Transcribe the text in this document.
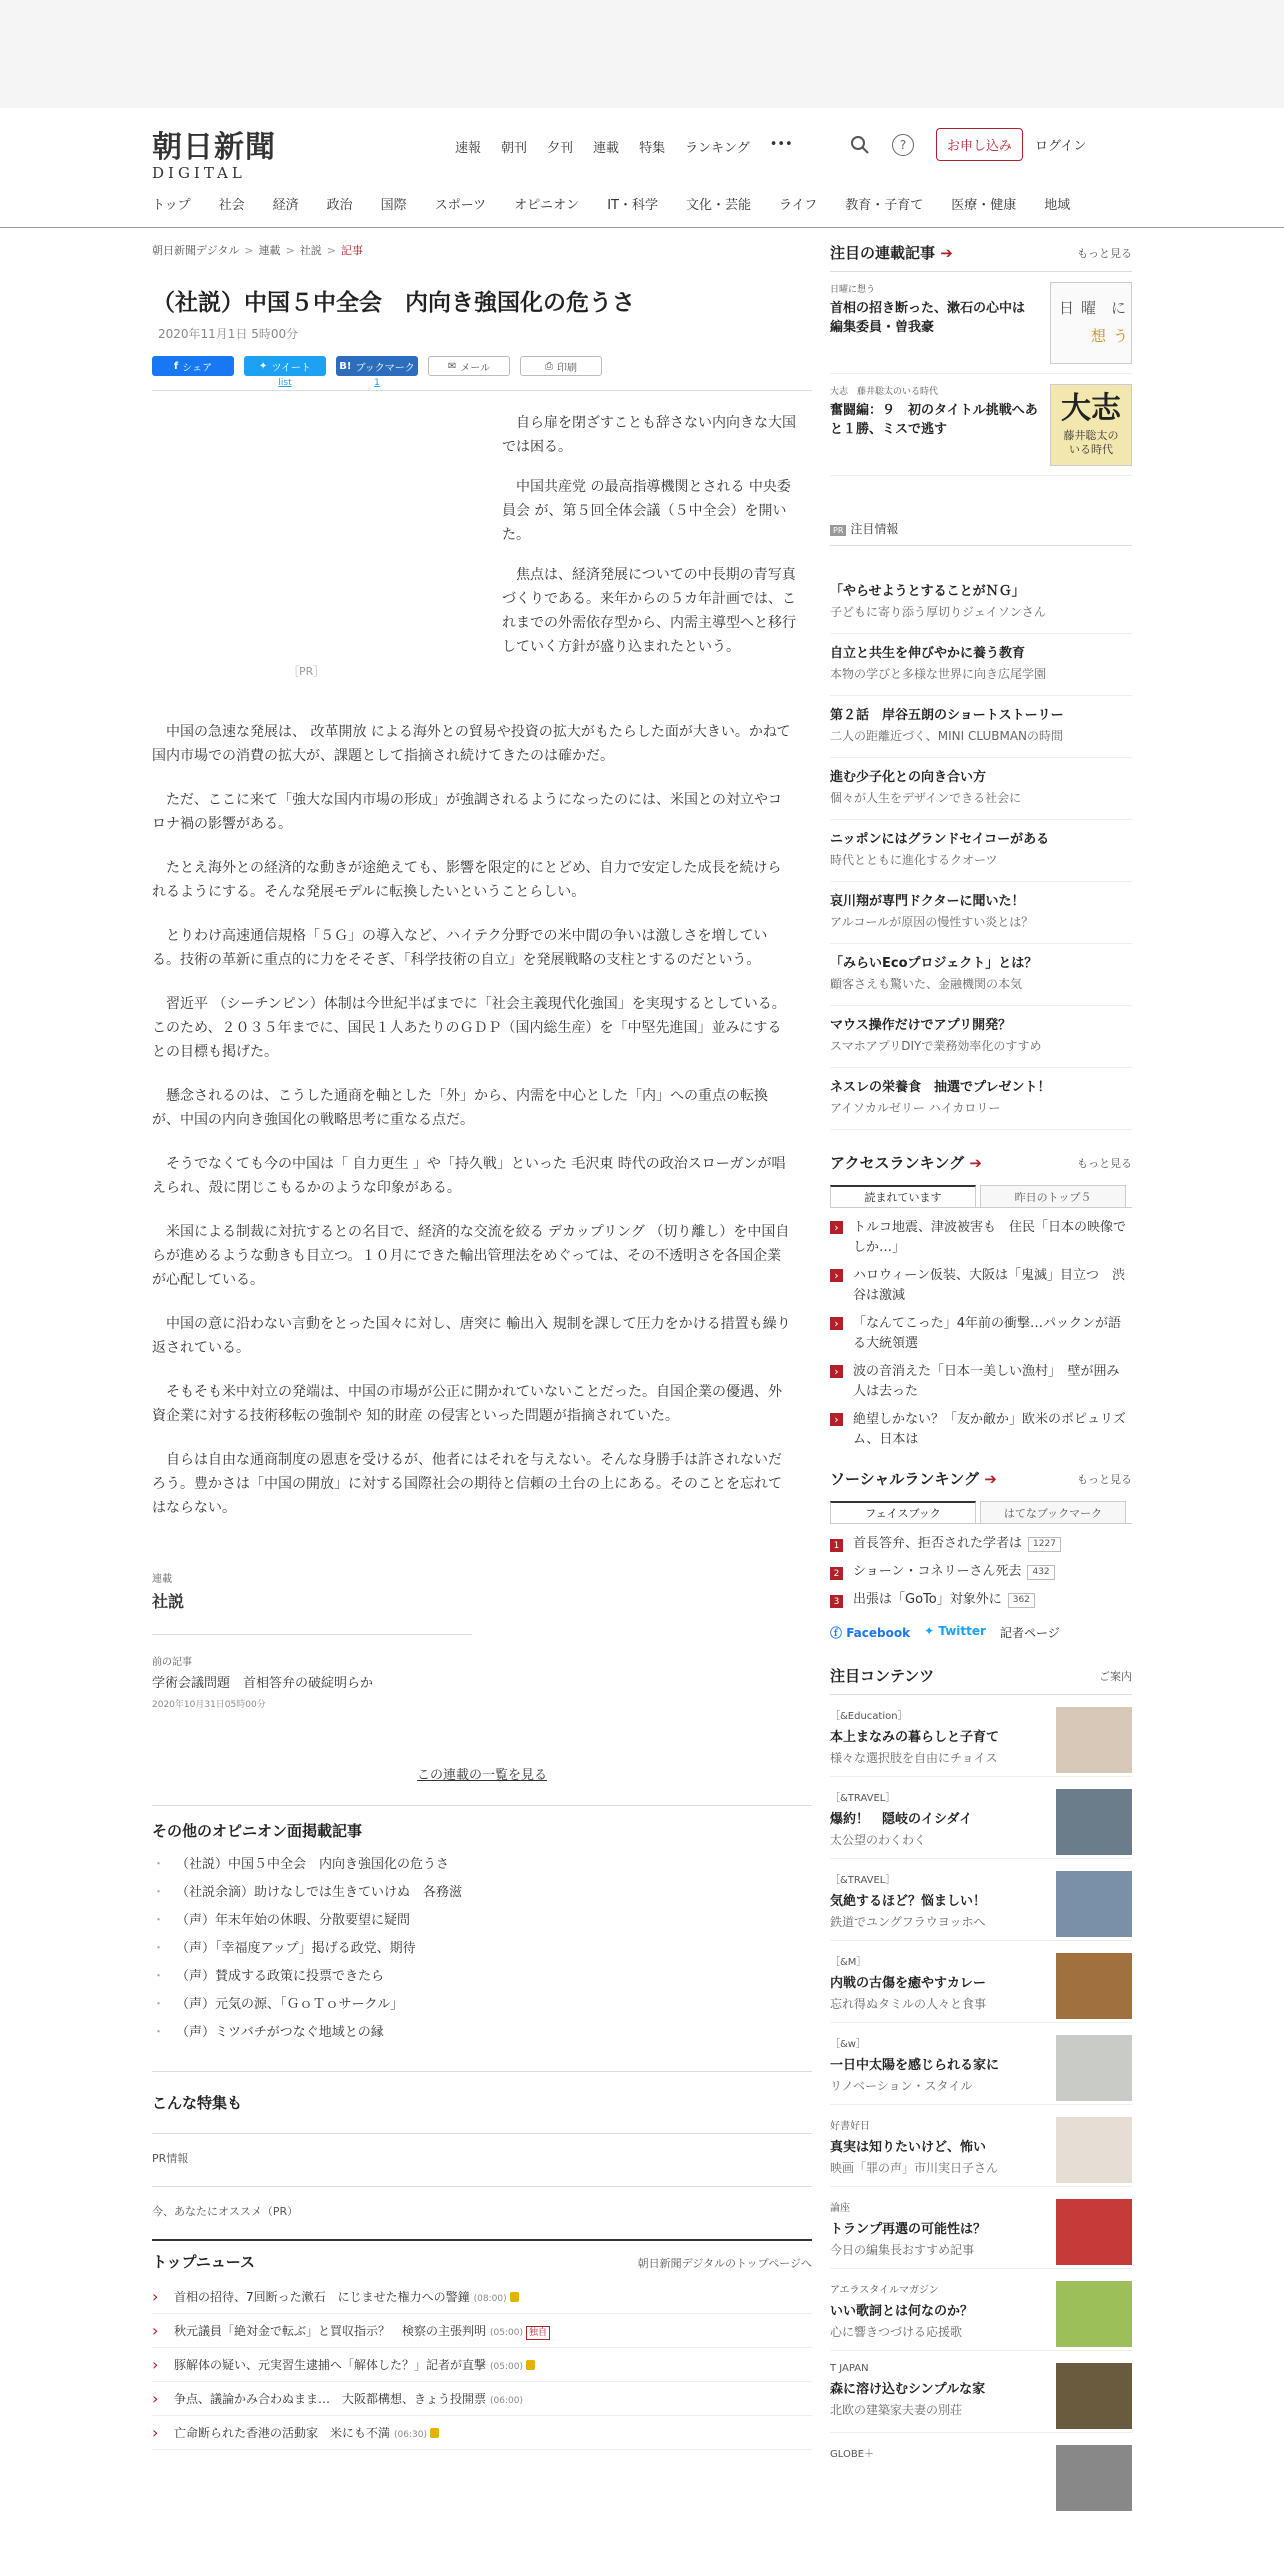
朝日新聞
DIGITAL
速報 朝刊 夕刊 連載 特集 ランキング •••	?	お申し込み	ログイン
トップ 社会 経済 政治 国際 スポーツ オピニオン IT・科学 文化・芸能 ライフ 教育・子育て 医療・健康 地域
朝日新聞デジタル > 連載 > 社説 > 記事
（社説）中国５中全会　内向き強国化の危うさ
2020年11月1日 5時00分
f シェア	✦ ツイート
list
B! ブックマーク
1
✉ メール	⎙ 印刷
［PR］

自ら扉を閉ざすことも辞さない内向きな大国では困る。

中国共産党 の最高指導機関とされる 中央委員会 が、第５回全体会議（５中全会）を開いた。

焦点は、経済発展についての中長期の青写真づくりである。来年からの５カ年計画では、これまでの外需依存型から、内需主導型へと移行していく方針が盛り込まれたという。

中国の急速な発展は、 改革開放 による海外との貿易や投資の拡大がもたらした面が大きい。かねて国内市場での消費の拡大が、課題として指摘され続けてきたのは確かだ。

ただ、ここに来て「強大な国内市場の形成」が強調されるようになったのには、米国との対立やコロナ禍の影響がある。

たとえ海外との経済的な動きが途絶えても、影響を限定的にとどめ、自力で安定した成長を続けられるようにする。そんな発展モデルに転換したいということらしい。

とりわけ高速通信規格「５Ｇ」の導入など、ハイテク分野での米中間の争いは激しさを増している。技術の革新に重点的に力をそそぎ、「科学技術の自立」を発展戦略の支柱とするのだという。

習近平 （シーチンピン）体制は今世紀半ばまでに「社会主義現代化強国」を実現するとしている。このため、２０３５年までに、国民１人あたりのＧＤＰ（国内総生産）を「中堅先進国」並みにするとの目標も掲げた。

懸念されるのは、こうした通商を軸とした「外」から、内需を中心とした「内」への重点の転換が、中国の内向き強国化の戦略思考に重なる点だ。

そうでなくても今の中国は「 自力更生 」や「持久戦」といった 毛沢東 時代の政治スローガンが唱えられ、殻に閉じこもるかのような印象がある。

米国による制裁に対抗するとの名目で、経済的な交流を絞る デカップリング （切り離し）を中国自らが進めるような動きも目立つ。１０月にできた輸出管理法をめぐっては、その不透明さを各国企業が心配している。

中国の意に沿わない言動をとった国々に対し、唐突に 輸出入 規制を課して圧力をかける措置も繰り返されている。

そもそも米中対立の発端は、中国の市場が公正に開かれていないことだった。自国企業の優遇、外資企業に対する技術移転の強制や 知的財産 の侵害といった問題が指摘されていた。

自らは自由な通商制度の恩恵を受けるが、他者にはそれを与えない。そんな身勝手は許されないだろう。豊かさは「中国の開放」に対する国際社会の期待と信頼の土台の上にある。そのことを忘れてはならない。

連載
社説
前の記事
学術会議問題　首相答弁の破綻明らか
2020年10月31日05時00分
この連載の一覧を見る
その他のオピニオン面掲載記事
・ （社説）中国５中全会　内向き強国化の危うさ
・ （社説余滴）助けなしでは生きていけぬ　各務滋
・ （声）年末年始の休暇、分散要望に疑問
・ （声）「幸福度アップ」掲げる政党、期待
・ （声）賛成する政策に投票できたら
・ （声）元気の源、「ＧｏＴｏサークル」
・ （声）ミツバチがつなぐ地域との縁
こんな特集も
PR情報
今、あなたにオススメ（PR）
トップニュース	朝日新聞デジタルのトップページへ
› 首相の招待、7回断った漱石　にじませた権力への警鐘 (08:00)
› 秋元議員「絶対金で転ぶ」と買収指示？　検察の主張判明 (05:00) 独自
› 豚解体の疑い、元実習生逮捕へ「解体した？」記者が直撃 (05:00)
› 争点、議論かみ合わぬまま…　大阪都構想、きょう投開票 (06:00)
› 亡命断られた香港の活動家　米にも不満 (06:30)
注目の連載記事 ➔	もっと見る
日曜に想う
首相の招き断った、漱石の心中は　編集委員・曽我豪
日 曜 に
想 う
大志　藤井聡太のいる時代
奮闘編：９　初のタイトル挑戦へあと１勝、ミスで逃す
大志
藤井聡太の
いる時代
PR 注目情報
「やらせようとすることがＮＧ」
子どもに寄り添う厚切りジェイソンさん
自立と共生を伸びやかに養う教育
本物の学びと多様な世界に向き広尾学園
第２話　岸谷五朗のショートストーリー
二人の距離近づく、MINI CLUBMANの時間
進む少子化との向き合い方
個々が人生をデザインできる社会に
ニッポンにはグランドセイコーがある
時代とともに進化するクオーツ
哀川翔が専門ドクターに聞いた！
アルコールが原因の慢性すい炎とは？
「みらいEcoプロジェクト」とは？
顧客さえも驚いた、金融機関の本気
マウス操作だけでアプリ開発？
スマホアプリDIYで業務効率化のすすめ
ネスレの栄養食　抽選でプレゼント！
アイソカルゼリー ハイカロリー
アクセスランキング ➔	もっと見る
読まれています	昨日のトップ５
›
トルコ地震、津波被害も　住民「日本の映像でしか…」
›
ハロウィーン仮装、大阪は「鬼滅」目立つ　渋谷は激減
›
「なんてこった」4年前の衝撃…パックンが語る大統領選
›
波の音消えた「日本一美しい漁村」　壁が囲み人は去った
›
絶望しかない？「友か敵か」欧米のポピュリズム、日本は
ソーシャルランキング ➔	もっと見る
フェイスブック	はてなブックマーク
1 首長答弁、拒否された学者は	1227
2 ショーン・コネリーさん死去	432
3 出張は「GoTo」対象外に	362
ⓕ Facebook ✦ Twitter 記者ページ
注目コンテンツ	ご案内
［&Education］
本上まなみの暮らしと子育て
様々な選択肢を自由にチョイス
［&TRAVEL］
爆約！　隠岐のイシダイ
太公望のわくわく
［&TRAVEL］
気絶するほど？悩ましい！
鉄道でユングフラウヨッホへ
［&M］
内戦の古傷を癒やすカレー
忘れ得ぬタミルの人々と食事
［&w］
一日中太陽を感じられる家に
リノベーション・スタイル
好書好日
真実は知りたいけど、怖い
映画「罪の声」市川実日子さん
論座
トランプ再選の可能性は？
今日の編集長おすすめ記事
アエラスタイルマガジン
いい歌詞とは何なのか？
心に響きつづける応援歌
T JAPAN
森に溶け込むシンプルな家
北欧の建築家夫妻の別荘
GLOBE＋
